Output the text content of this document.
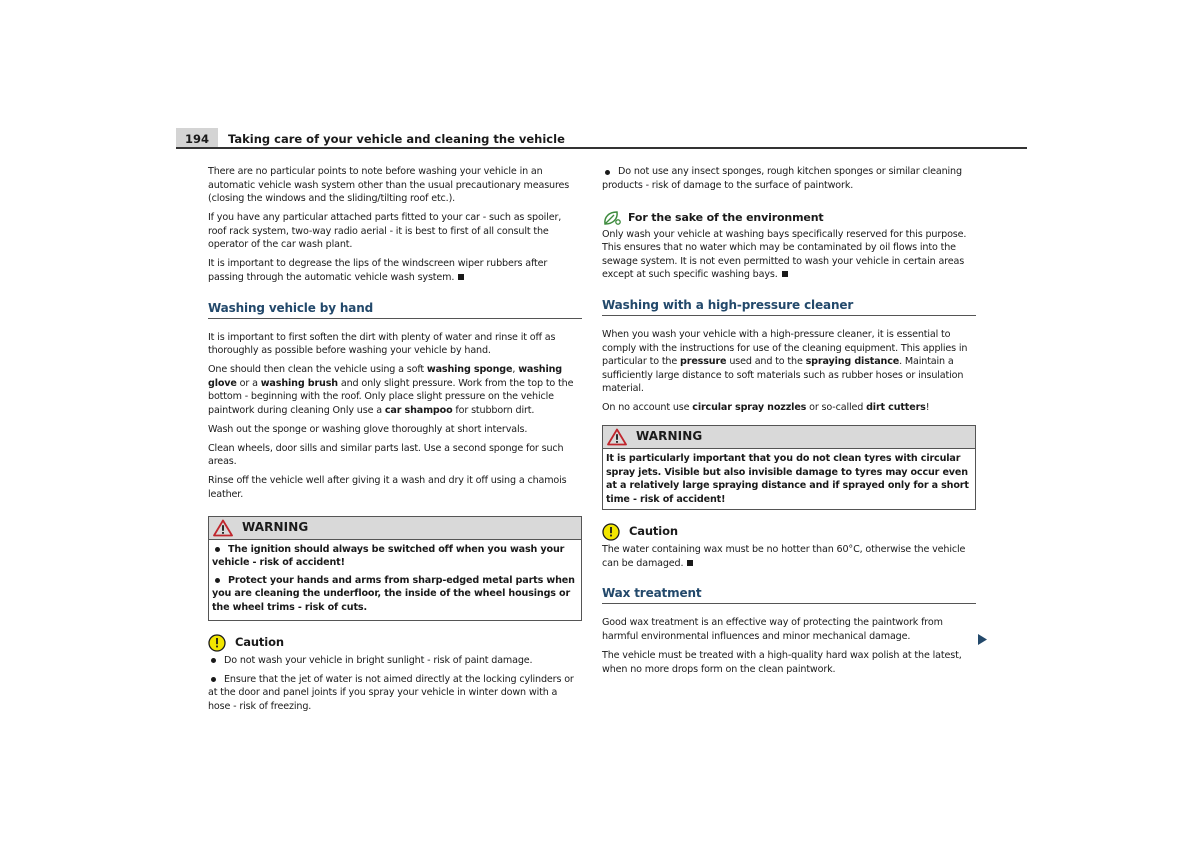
194	Taking care of your vehicle and cleaning the vehicle

There are no particular points to note before washing your vehicle in an automatic vehicle wash system other than the usual precautionary measures (closing the windows and the sliding/tilting roof etc.).

If you have any particular attached parts fitted to your car - such as spoiler, roof rack system, two-way radio aerial - it is best to first of all consult the operator of the car wash plant.

It is important to degrease the lips of the windscreen wiper rubbers after passing through the automatic vehicle wash system.

Washing vehicle by hand

It is important to first soften the dirt with plenty of water and rinse it off as thoroughly as possible before washing your vehicle by hand.

One should then clean the vehicle using a soft washing sponge, washing glove or a washing brush and only slight pressure. Work from the top to the bottom - beginning with the roof. Only place slight pressure on the vehicle paintwork during cleaning Only use a car shampoo for stubborn dirt.

Wash out the sponge or washing glove thoroughly at short intervals.

Clean wheels, door sills and similar parts last. Use a second sponge for such areas.

Rinse off the vehicle well after giving it a wash and dry it off using a chamois leather.

WARNING
The ignition should always be switched off when you wash your vehicle - risk of accident!
Protect your hands and arms from sharp-edged metal parts when you are cleaning the underfloor, the inside of the wheel housings or the wheel trims - risk of cuts.
Caution
Do not wash your vehicle in bright sunlight - risk of paint damage.
Ensure that the jet of water is not aimed directly at the locking cylinders or at the door and panel joints if you spray your vehicle in winter down with a hose - risk of freezing.
Do not use any insect sponges, rough kitchen sponges or similar cleaning products - risk of damage to the surface of paintwork.
For the sake of the environment

Only wash your vehicle at washing bays specifically reserved for this purpose. This ensures that no water which may be contaminated by oil flows into the sewage system. It is not even permitted to wash your vehicle in certain areas except at such specific washing bays.

Washing with a high-pressure cleaner

When you wash your vehicle with a high-pressure cleaner, it is essential to comply with the instructions for use of the cleaning equipment. This applies in particular to the pressure used and to the spraying distance. Maintain a sufficiently large distance to soft materials such as rubber hoses or insulation material.

On no account use circular spray nozzles or so-called dirt cutters!

WARNING

It is particularly important that you do not clean tyres with circular spray jets. Visible but also invisible damage to tyres may occur even at a relatively large spraying distance and if sprayed only for a short time - risk of accident!

Caution

The water containing wax must be no hotter than 60°C, otherwise the vehicle can be damaged.

Wax treatment

Good wax treatment is an effective way of protecting the paintwork from harmful environmental influences and minor mechanical damage.

The vehicle must be treated with a high-quality hard wax polish at the latest, when no more drops form on the clean paintwork.
